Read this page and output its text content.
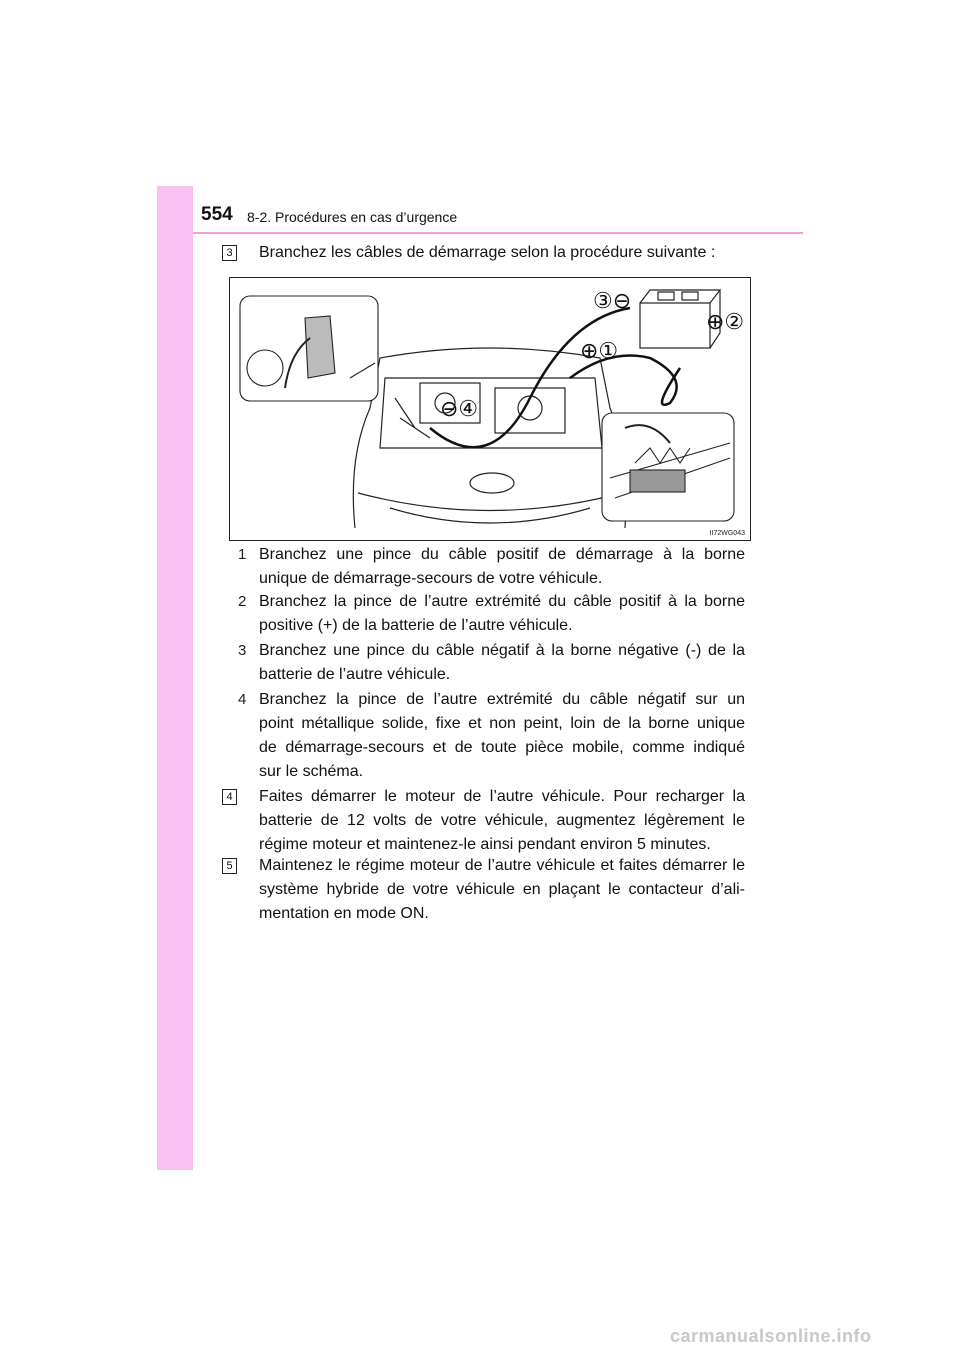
554 8-2. Procédures en cas d’urgence
3 Branchez les câbles de démarrage selon la procédure suivante :
③⊖
⊕②
⊕①
⊖④
II72WG043
1 Branchez une pince du câble positif de démarrage à la borne
unique de démarrage-secours de votre véhicule.
2 Branchez la pince de l’autre extrémité du câble positif à la borne
positive (+) de la batterie de l’autre véhicule.
3 Branchez une pince du câble négatif à la borne négative (-) de la
batterie de l’autre véhicule.
4 Branchez la pince de l’autre extrémité du câble négatif sur un
point métallique solide, fixe et non peint, loin de la borne unique
de démarrage-secours et de toute pièce mobile, comme indiqué
sur le schéma.
4 Faites démarrer le moteur de l’autre véhicule. Pour recharger la
batterie de 12 volts de votre véhicule, augmentez légèrement le
régime moteur et maintenez-le ainsi pendant environ 5 minutes.
5 Maintenez le régime moteur de l’autre véhicule et faites démarrer le
système hybride de votre véhicule en plaçant le contacteur d’ali-
mentation en mode ON.
carmanualsonline.info
